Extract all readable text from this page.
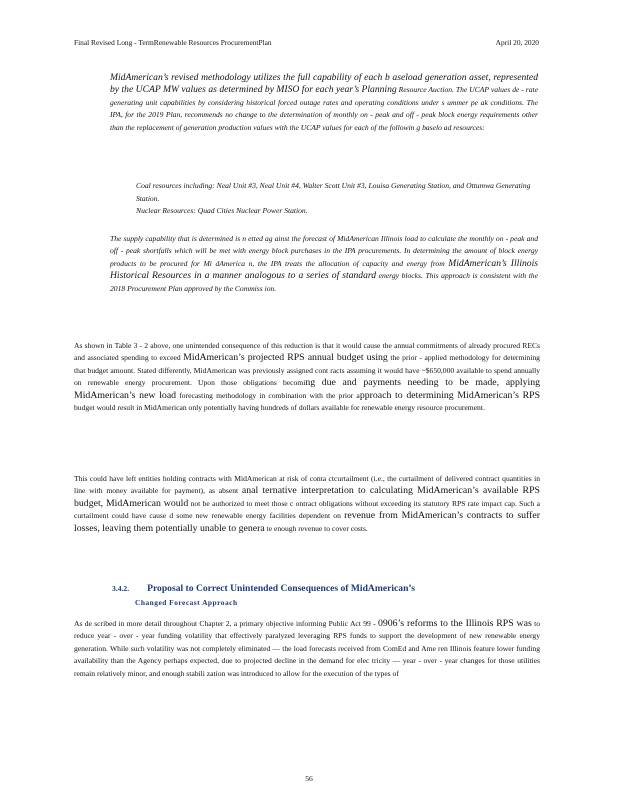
Final Revised Long - TermRenewable Resources ProcurementPlan	April 20, 2020
MidAmerican’s revised methodology utilizes the full capability of each b aseload generation asset, represented by the UCAP MW values as determined by MISO for each year’s Planning Resource Auction. The UCAP values de - rate generating unit capabilities by considering historical forced outage rates and operating conditions under s ummer pe ak conditions. The IPA, for the 2019 Plan, recommends no change to the determination of monthly on - peak and off - peak block energy requirements other than the replacement of generation production values with the UCAP values for each of the followin g baselo ad resources:
Coal resources including: Neal Unit #3, Neal Unit #4, Walter Scott Unit #3, Louisa Generating Station, and Ottumwa Generating Station.
Nuclear Resources: Quad Cities Nuclear Power Station.
The supply capability that is determined is n etted ag ainst the forecast of MidAmerican Illinois load to calculate the monthly on - peak and off - peak shortfalls which will be met with energy block purchases in the IPA procurements. In determining the amount of block energy products to be procured for Mi dAmerica n, the IPA treats the allocation of capacity and energy from MidAmerican’s Illinois Historical Resources in a manner analogous to a series of standard energy blocks. This approach is consistent with the 2018 Procurement Plan approved by the Commiss ion.
As shown in Table 3 - 2 above, one unintended consequence of this reduction is that it would cause the annual commitments of already procured RECs and associated spending to exceed MidAmerican’s projected RPS annual budget using the prior - applied methodology for determining that budget amount. Stated differently, MidAmerican was previously assigned cont racts assuming it would have ~$650,000 available to spend annually on renewable energy procurement. Upon those obligations becoming due and payments needing to be made, applying MidAmerican’s new load forecasting methodology in combination with the prior approach to determining MidAmerican’s RPS budget would result in MidAmerican only potentially having hundreds of dollars available for renewable energy resource procurement.
This could have left entities holding contracts with MidAmerican at risk of conta ctcurtailment (i.e., the curtailment of delivered contract quantities in line with money available for payment), as absent anal ternative interpretation to calculating MidAmerican’s available RPS budget, MidAmerican would not be authorized to meet those c ontract obligations without exceeding its statutory RPS rate impact cap. Such a curtailment could have cause d some new renewable energy facilities dependent on revenue from MidAmerican’s contracts to suffer losses, leaving them potentially unable to genera te enough revenue to cover costs.
3.4.2. Proposal to Correct Unintended Consequences of MidAmerican’s
Changed Forecast Approach
As de scribed in more detail throughout Chapter 2, a primary objective informing Public Act 99 - 0906’s reforms to the Illinois RPS was to reduce year - over - year funding volatility that effectively paralyzed leveraging RPS funds to support the development of new renewable energy generation. While such volatility was not completely eliminated — the load forecasts received from ComEd and Ame ren Illinois feature lower funding availability than the Agency perhaps expected, due to projected decline in the demand for elec tricity — year - over - year changes for those utilities remain relatively minor, and enough stabili zation was introduced to allow for the execution of the types of
56
